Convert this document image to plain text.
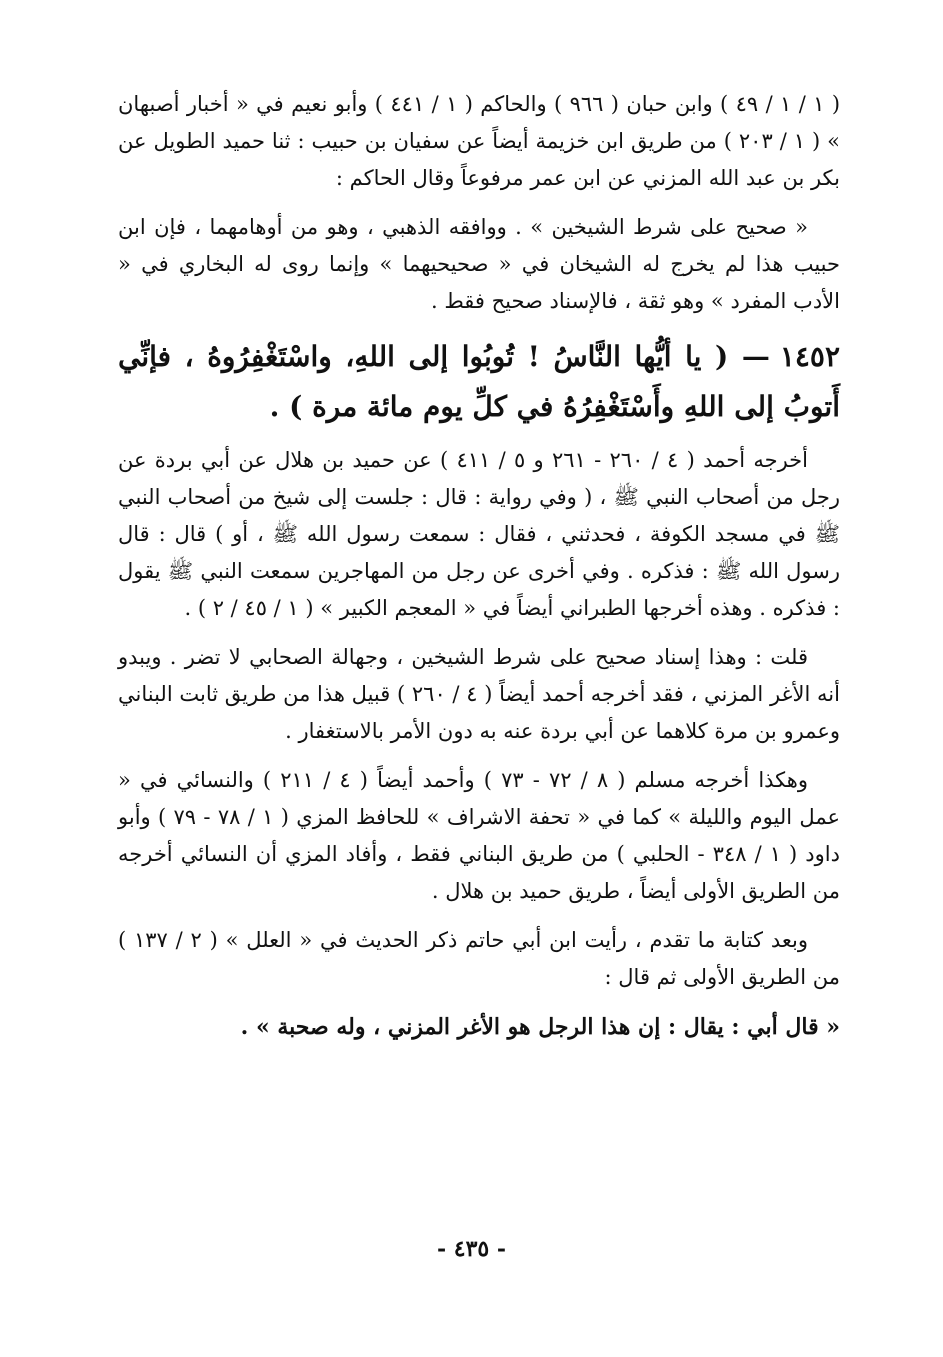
( ١ / ١ / ٤٩ ) وابن حبان ( ٩٦٦ ) والحاكم ( ١ / ٤٤١ ) وأبو نعيم في « أخبار أصبهان » ( ١ / ٢٠٣ ) من طريق ابن خزيمة أيضاً عن سفيان بن حبيب : ثنا حميد الطويل عن بكر بن عبد الله المزني عن ابن عمر مرفوعاً وقال الحاكم :

« صحيح على شرط الشيخين » . ووافقه الذهبي ، وهو من أوهامهما ، فإن ابن حبيب هذا لم يخرج له الشيخان في « صحيحيهما » وإنما روى له البخاري في « الأدب المفرد » وهو ثقة ، فالإسناد صحيح فقط .

١٤٥٢— ( يا أيُّها النَّاسُ ! تُوبُوا إلى اللهِ، واسْتَغْفِرُوهُ ، فإنِّي أَتوبُ إلى اللهِ وأَسْتَغْفِرُهُ في كلِّ يوم مائة مرة ) .

أخرجه أحمد ( ٤ / ٢٦٠ - ٢٦١ و ٥ / ٤١١ ) عن حميد بن هلال عن أبي بردة عن رجل من أصحاب النبي ﷺ ، ( وفي رواية : قال : جلست إلى شيخ من أصحاب النبي ﷺ في مسجد الكوفة ، فحدثني ، فقال : سمعت رسول الله ﷺ ، أو ) قال : قال رسول الله ﷺ : فذكره . وفي أخرى عن رجل من المهاجرين سمعت النبي ﷺ يقول : فذكره . وهذه أخرجها الطبراني أيضاً في « المعجم الكبير » ( ١ / ٤٥ / ٢ ) .

قلت : وهذا إسناد صحيح على شرط الشيخين ، وجهالة الصحابي لا تضر . ويبدو أنه الأغر المزني ، فقد أخرجه أحمد أيضاً ( ٤ / ٢٦٠ ) قبيل هذا من طريق ثابت البناني وعمرو بن مرة كلاهما عن أبي بردة عنه به دون الأمر بالاستغفار .

وهكذا أخرجه مسلم ( ٨ / ٧٢ - ٧٣ ) وأحمد أيضاً ( ٤ / ٢١١ ) والنسائي في « عمل اليوم والليلة » كما في « تحفة الاشراف » للحافظ المزي ( ١ / ٧٨ - ٧٩ ) وأبو داود ( ١ / ٣٤٨ - الحلبي ) من طريق البناني فقط ، وأفاد المزي أن النسائي أخرجه من الطريق الأولى أيضاً ، طريق حميد بن هلال .

وبعد كتابة ما تقدم ، رأيت ابن أبي حاتم ذكر الحديث في « العلل » ( ٢ / ١٣٧ ) من الطريق الأولى ثم قال :

« قال أبي : يقال : إن هذا الرجل هو الأغر المزني ، وله صحبة » .

- ٤٣٥ -
